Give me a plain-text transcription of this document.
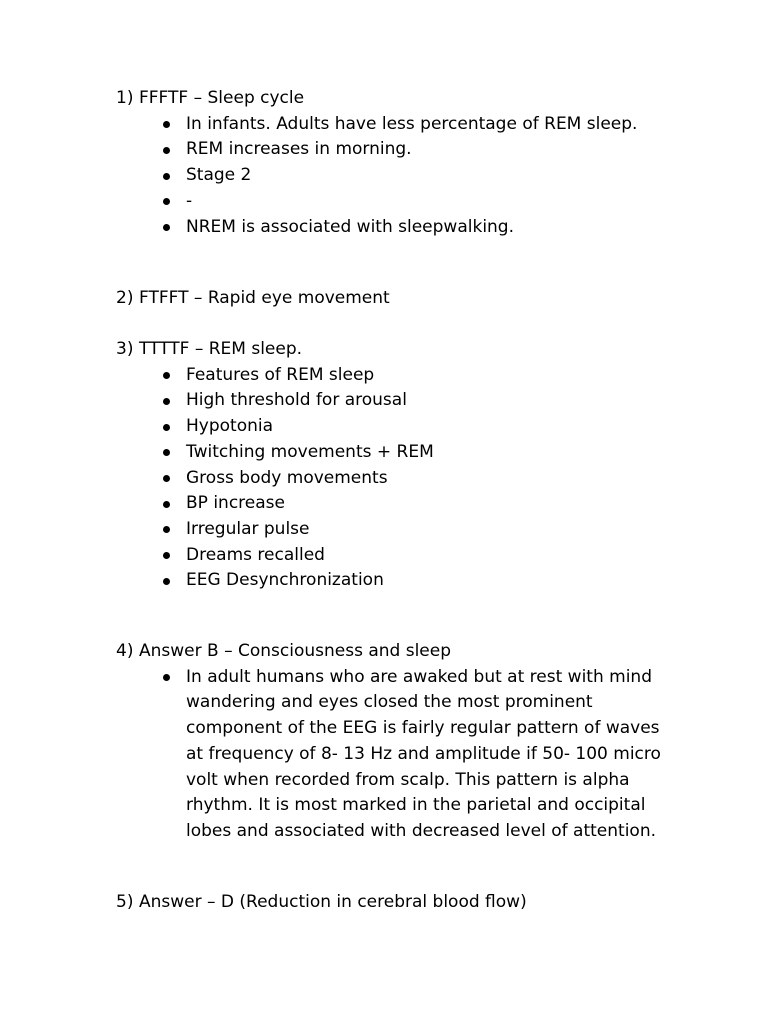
1) FFFTF – Sleep cycle
In infants. Adults have less percentage of REM sleep.
REM increases in morning.
Stage 2
-
NREM is associated with sleepwalking.
2) FTFFT – Rapid eye movement
3) TTTTF – REM sleep.
Features of REM sleep
High threshold for arousal
Hypotonia
Twitching movements + REM
Gross body movements
BP increase
Irregular pulse
Dreams recalled
EEG Desynchronization
4) Answer B – Consciousness and sleep
In adult humans who are awaked but at rest with mind wandering and eyes closed the most prominent component of the EEG is fairly regular pattern of waves at frequency of 8- 13 Hz and amplitude if 50- 100 micro volt when recorded from scalp. This pattern is alpha rhythm. It is most marked in the parietal and occipital lobes and associated with decreased level of attention.
5) Answer – D (Reduction in cerebral blood flow)
